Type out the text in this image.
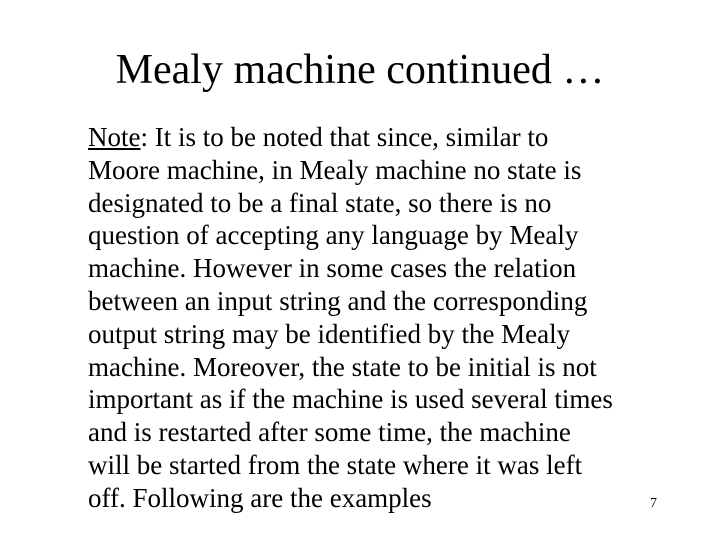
Mealy machine continued …
Note: It is to be noted that since, similar to
Moore machine, in Mealy machine no state is
designated to be a final state, so there is no
question of accepting any language by Mealy
machine. However in some cases the relation
between an input string and the corresponding
output string may be identified by the Mealy
machine. Moreover, the state to be initial is not
important as if the machine is used several times
and is restarted after some time, the machine
will be started from the state where it was left
off. Following are the examples	7
